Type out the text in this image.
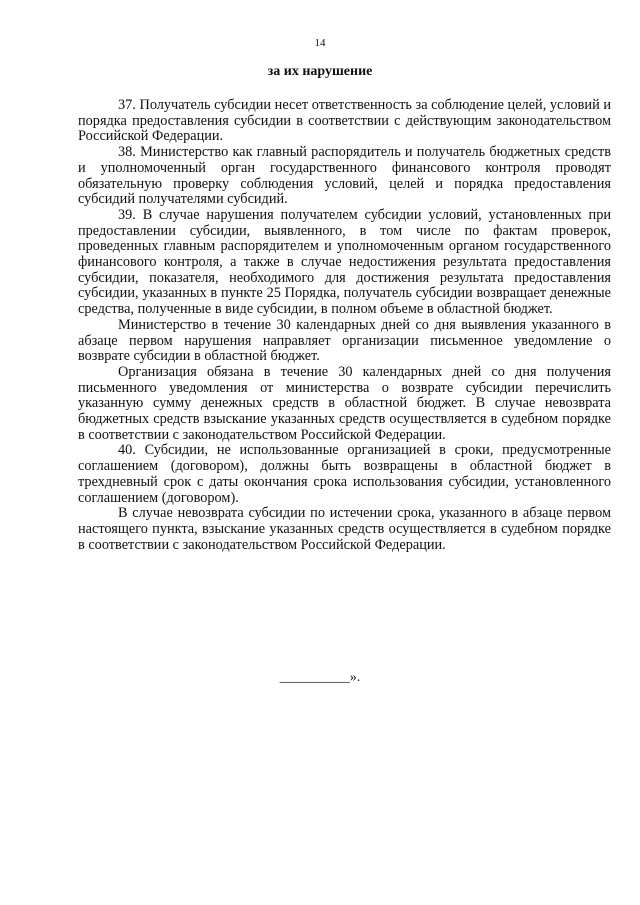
14
за их нарушение

37. Получатель субсидии несет ответственность за соблюдение целей, условий и порядка предоставления субсидии в соответствии с действующим законодательством Российской Федерации.

38. Министерство как главный распорядитель и получатель бюджетных средств и уполномоченный орган государственного финансового контроля проводят обязательную проверку соблюдения условий, целей и порядка предоставления субсидий получателями субсидий.

39. В случае нарушения получателем субсидии условий, установленных при предоставлении субсидии, выявленного, в том числе по фактам проверок, проведенных главным распорядителем и уполномоченным органом государственного финансового контроля, а также в случае недостижения результата предоставления субсидии, показателя, необходимого для достижения результата предоставления субсидии, указанных в пункте 25 Порядка, получатель субсидии возвращает денежные средства, полученные в виде субсидии, в полном объеме в областной бюджет.

Министерство в течение 30 календарных дней со дня выявления указанного в абзаце первом нарушения направляет организации письменное уведомление о возврате субсидии в областной бюджет.

Организация обязана в течение 30 календарных дней со дня получения письменного уведомления от министерства о возврате субсидии перечислить указанную сумму денежных средств в областной бюджет. В случае невозврата бюджетных средств взыскание указанных средств осуществляется в судебном порядке в соответствии с законодательством Российской Федерации.

40. Субсидии, не использованные организацией в сроки, предусмотренные соглашением (договором), должны быть возвращены в областной бюджет в трехдневный срок с даты окончания срока использования субсидии, установленного соглашением (договором).

В случае невозврата субсидии по истечении срока, указанного в абзаце первом настоящего пункта, взыскание указанных средств осуществляется в судебном порядке в соответствии с законодательством Российской Федерации.

__________».
